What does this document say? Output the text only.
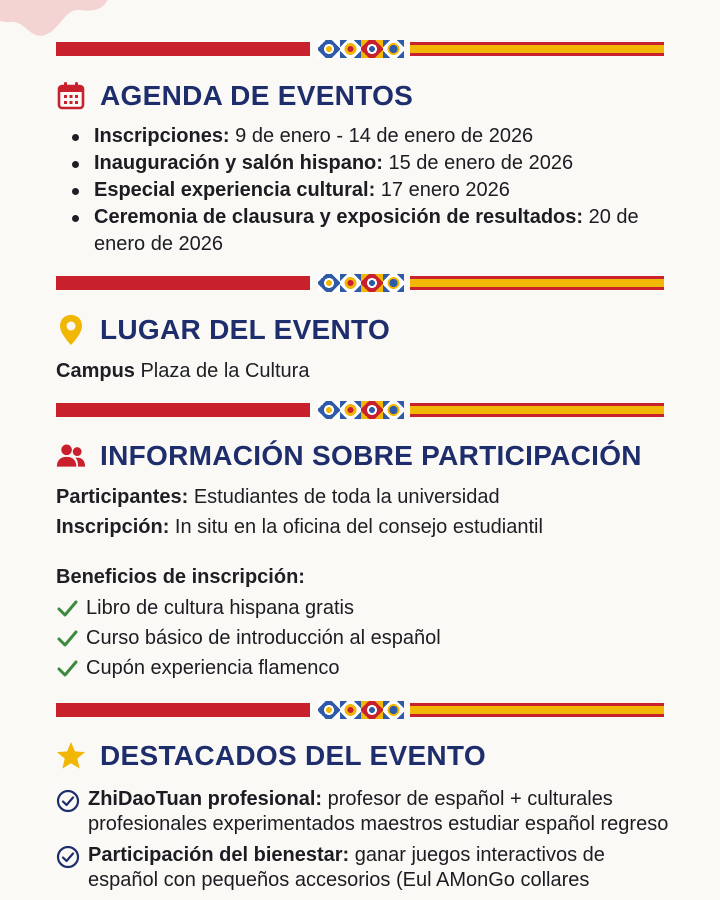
AGENDA DE EVENTOS
Inscripciones: 9 de enero - 14 de enero de 2026
Inauguración y salón hispano: 15 de enero de 2026
Especial experiencia cultural: 17 enero 2026
Ceremonia de clausura y exposición de resultados: 20 de enero de 2026
LUGAR DEL EVENTO
Campus Plaza de la Cultura
INFORMACIÓN SOBRE PARTICIPACIÓN
Participantes: Estudiantes de toda la universidad
Inscripción: In situ en la oficina del consejo estudiantil
Beneficios de inscripción:
Libro de cultura hispana gratis
Curso básico de introducción al español
Cupón experiencia flamenco
DESTACADOS DEL EVENTO
ZhiDaoTuan profesional: profesor de español + culturales profesionales experimentados maestros estudiar español regreso
Participación del bienestar: ganar juegos interactivos de español con pequeños accesorios (Eul AMonGo collares
